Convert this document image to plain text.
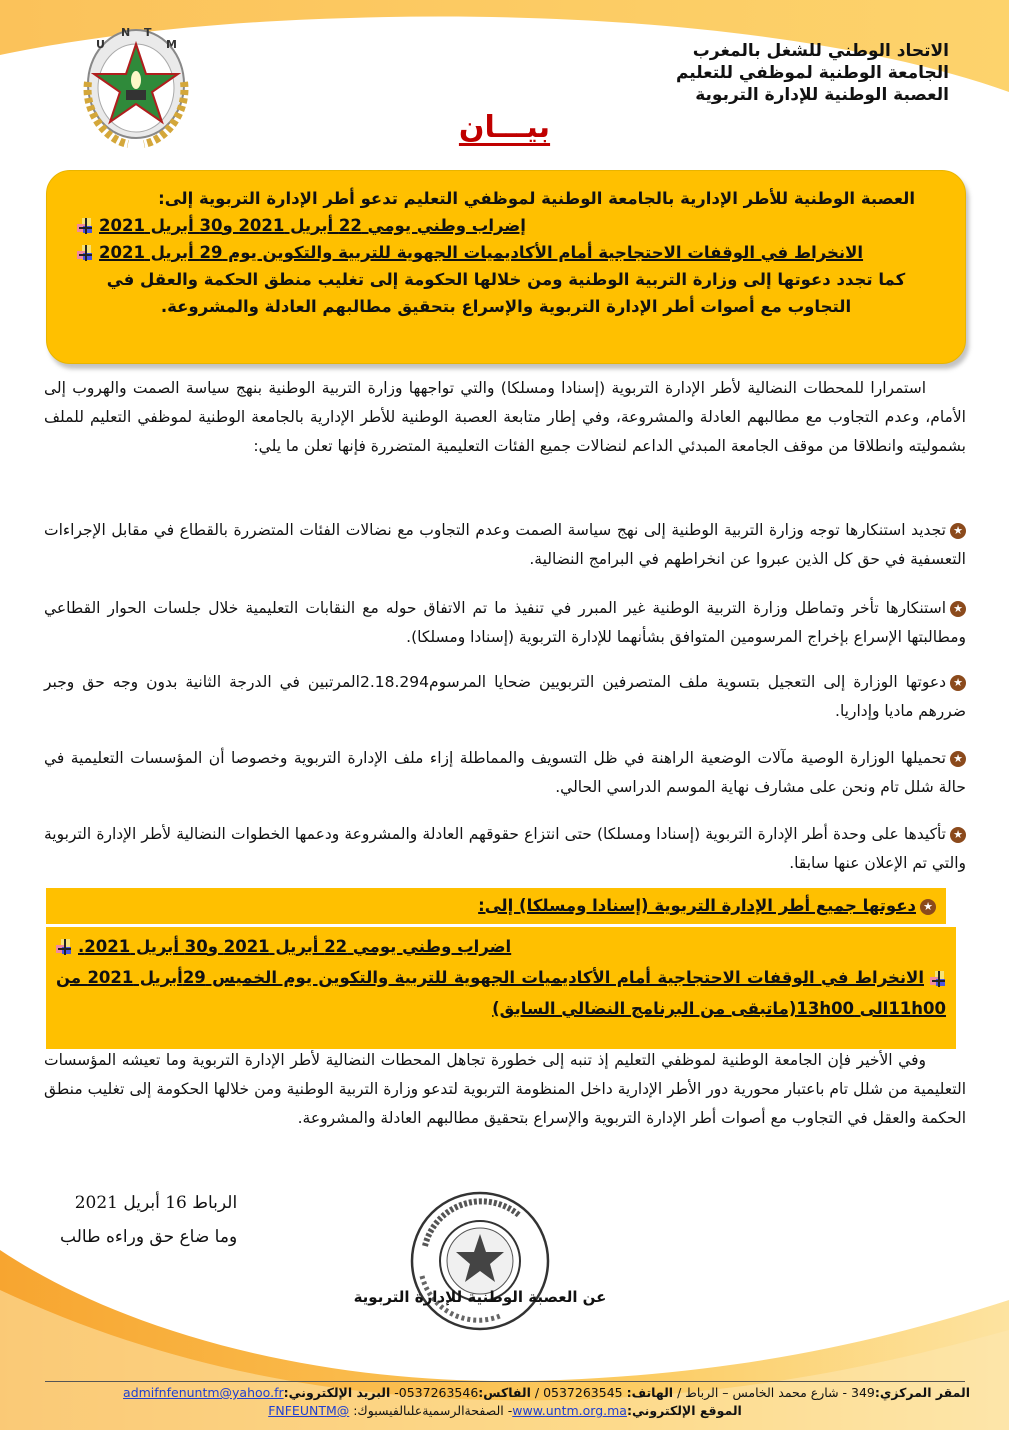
U
N T
M	الاتحاد الوطني للشغل بالمغرب
الجامعة الوطنية لموظفي للتعليم
العصبة الوطنية للإدارة التربوية
بيـــان
العصبة الوطنية للأطر الإدارية بالجامعة الوطنية لموظفي التعليم تدعو أطر الإدارة التربوية إلى:
إضراب وطني يومي 22 أبريل 2021 و30 أبريل 2021
الانخراط في الوقفات الاحتجاجية أمام الأكاديميات الجهوية للتربية والتكوين يوم 29 أبريل 2021
كما تجدد دعوتها إلى وزارة التربية الوطنية ومن خلالها الحكومة إلى تغليب منطق الحكمة والعقل في
التجاوب مع أصوات أطر الإدارة التربوية والإسراع بتحقيق مطالبهم العادلة والمشروعة.

استمرارا للمحطات النضالية لأطر الإدارة التربوية (إسنادا ومسلكا) والتي تواجهها وزارة التربية الوطنية بنهج سياسة الصمت والهروب إلى الأمام، وعدم التجاوب مع مطالبهم العادلة والمشروعة، وفي إطار متابعة العصبة الوطنية للأطر الإدارية بالجامعة الوطنية لموظفي التعليم للملف بشموليته وانطلاقا من موقف الجامعة المبدئي الداعم لنضالات جميع الفئات التعليمية المتضررة فإنها تعلن ما يلي:

★تجديد استنكارها توجه وزارة التربية الوطنية إلى نهج سياسة الصمت وعدم التجاوب مع نضالات الفئات المتضررة بالقطاع في مقابل الإجراءات التعسفية في حق كل الذين عبروا عن انخراطهم في البرامج النضالية.

★استنكارها تأخر وتماطل وزارة التربية الوطنية غير المبرر في تنفيذ ما تم الاتفاق حوله مع النقابات التعليمية خلال جلسات الحوار القطاعي ومطالبتها الإسراع بإخراج المرسومين المتوافق بشأنهما للإدارة التربوية (إسنادا ومسلكا).

★دعوتها الوزارة إلى التعجيل بتسوية ملف المتصرفين التربويين ضحايا المرسوم2.18.294المرتبين في الدرجة الثانية بدون وجه حق وجبر ضررهم ماديا وإداريا.

★تحميلها الوزارة الوصية مآلات الوضعية الراهنة في ظل التسويف والمماطلة إزاء ملف الإدارة التربوية وخصوصا أن المؤسسات التعليمية في حالة شلل تام ونحن على مشارف نهاية الموسم الدراسي الحالي.

★تأكيدها على وحدة أطر الإدارة التربوية (إسنادا ومسلكا) حتى انتزاع حقوقهم العادلة والمشروعة ودعمها الخطوات النضالية لأطر الإدارة التربوية والتي تم الإعلان عنها سابقا.

★دعوتها جميع أطر الإدارة التربوية (إسنادا ومسلكا) إلى:
اضراب وطني يومي 22 أبريل 2021 و30 أبريل 2021.
الانخراط في الوقفات الاحتجاجية أمام الأكاديميات الجهوية للتربية والتكوين يوم الخميس 29أبريل 2021 من 11h00الى 13h00(ماتبقى من البرنامج النضالي السابق)

وفي الأخير فإن الجامعة الوطنية لموظفي التعليم إذ تنبه إلى خطورة تجاهل المحطات النضالية لأطر الإدارة التربوية وما تعيشه المؤسسات التعليمية من شلل تام باعتبار محورية دور الأطر الإدارية داخل المنظومة التربوية لتدعو وزارة التربية الوطنية ومن خلالها الحكومة إلى تغليب منطق الحكمة والعقل في التجاوب مع أصوات أطر الإدارة التربوية والإسراع بتحقيق مطالبهم العادلة والمشروعة.

الرباط 16 أبريل 2021
وما ضاع حق وراءه طالب
عن العصبة الوطنية للإدارة التربوية
المقر المركزي:349 - شارع محمد الخامس – الرباط / الهاتف: 0537263545 / الفاكس:0537263546- البريد الإلكتروني:admifnfenuntm@yahoo.fr
الموقع الإلكتروني:www.untm.org.ma- الصفحةالرسميةعلىالفيسبوك: @FNFEUNTM
